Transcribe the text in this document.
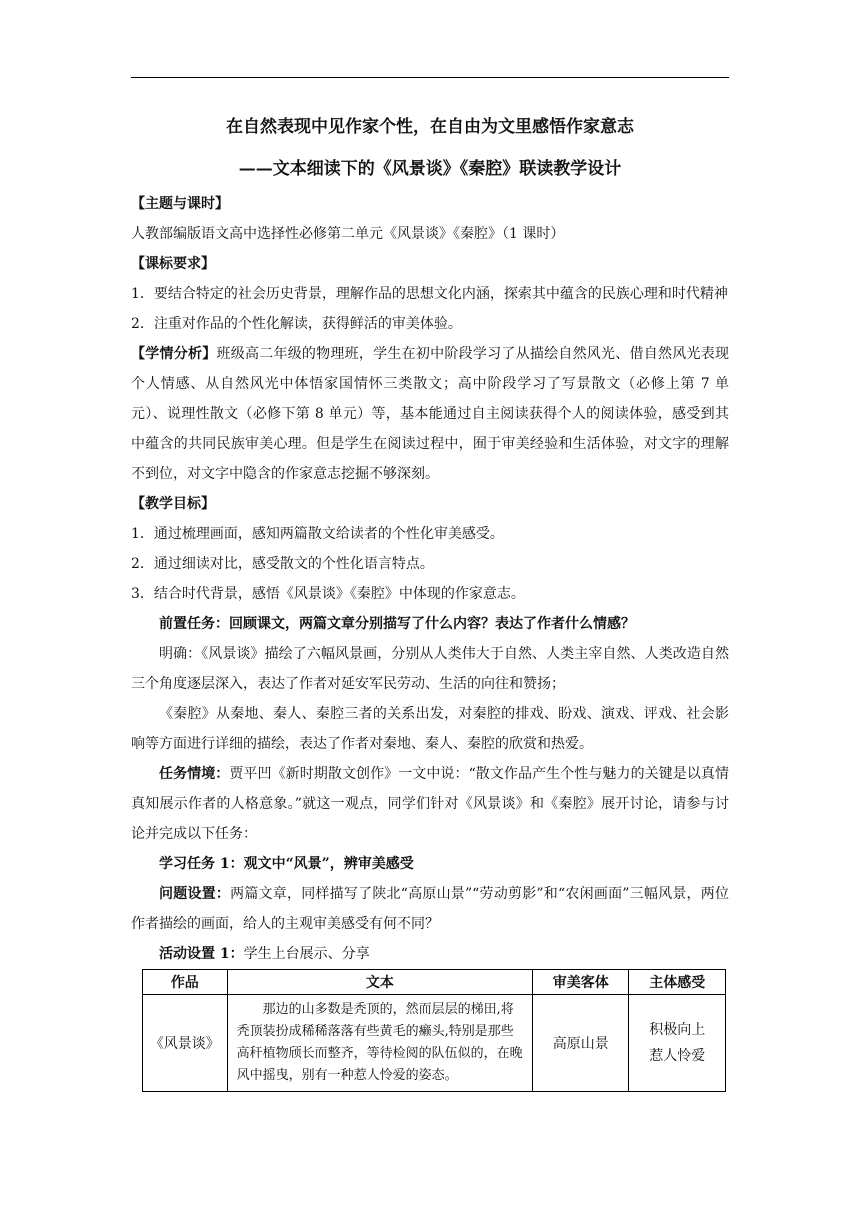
在自然表现中见作家个性，在自由为文里感悟作家意志

——文本细读下的《风景谈》《秦腔》联读教学设计

【主题与课时】
人教部编版语文高中选择性必修第二单元《风景谈》《秦腔》（1 课时）
【课标要求】
1．要结合特定的社会历史背景，理解作品的思想文化内涵，探索其中蕴含的民族心理和时代精神
2．注重对作品的个性化解读，获得鲜活的审美体验。
【学情分析】班级高二年级的物理班，学生在初中阶段学习了从描绘自然风光、借自然风光表现个人情感、从自然风光中体悟家国情怀三类散文；高中阶段学习了写景散文（必修上第 7 单元）、说理性散文（必修下第 8 单元）等，基本能通过自主阅读获得个人的阅读体验，感受到其中蕴含的共同民族审美心理。但是学生在阅读过程中，囿于审美经验和生活体验，对文字的理解不到位，对文字中隐含的作家意志挖掘不够深刻。
【教学目标】
1．通过梳理画面，感知两篇散文给读者的个性化审美感受。
2．通过细读对比，感受散文的个性化语言特点。
3．结合时代背景，感悟《风景谈》《秦腔》中体现的作家意志。
前置任务：回顾课文，两篇文章分别描写了什么内容？表达了作者什么情感？
明确：《风景谈》描绘了六幅风景画，分别从人类伟大于自然、人类主宰自然、人类改造自然三个角度逐层深入，表达了作者对延安军民劳动、生活的向往和赞扬；
《秦腔》从秦地、秦人、秦腔三者的关系出发，对秦腔的排戏、盼戏、演戏、评戏、社会影响等方面进行详细的描绘，表达了作者对秦地、秦人、秦腔的欣赏和热爱。
任务情境：贾平凹《新时期散文创作》一文中说：“散文作品产生个性与魅力的关键是以真情真知展示作者的人格意象。”就这一观点，同学们针对《风景谈》和《秦腔》展开讨论，请参与讨论并完成以下任务：
学习任务 1：观文中“风景”，辨审美感受
问题设置：两篇文章，同样描写了陕北“高原山景”“劳动剪影”和“农闲画面”三幅风景，两位作者描绘的画面，给人的主观审美感受有何不同？
活动设置 1：学生上台展示、分享
作品	文本	审美客体	主体感受
《风景谈》	那边的山多数是秃顶的，然而层层的梯田,将秃顶装扮成稀稀落落有些黄毛的癞头,特别是那些高秆植物颀长而整齐，等待检阅的队伍似的，在晚风中摇曳，别有一种惹人怜爱的姿态。	高原山景	积极向上
惹人怜爱
